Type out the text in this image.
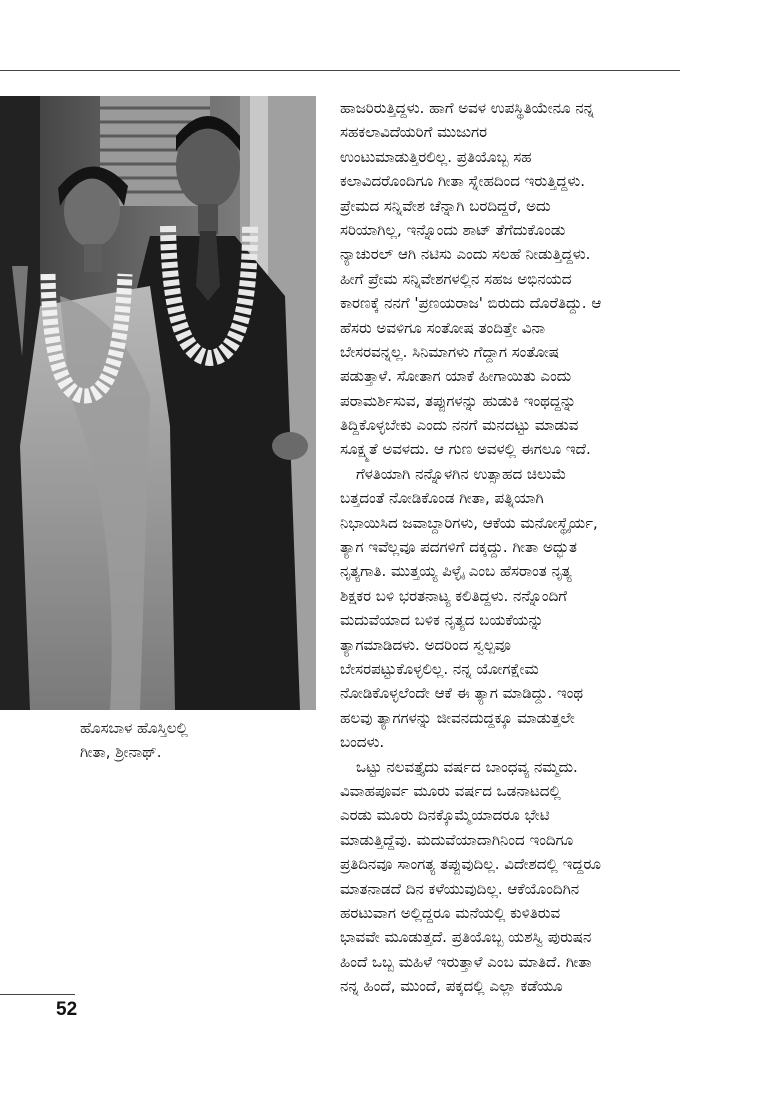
ಹೊಸಬಾಳ ಹೊಸ್ತಿಲಲ್ಲಿ
ಗೀತಾ, ಶ್ರೀನಾಥ್.
ಹಾಜರಿರುತ್ತಿದ್ದಳು. ಹಾಗೆ ಅವಳ ಉಪಸ್ಥಿತಿಯೇನೂ ನನ್ನ
ಸಹಕಲಾವಿದೆಯರಿಗೆ ಮುಜುಗರ
ಉಂಟುಮಾಡುತ್ತಿರಲಿಲ್ಲ. ಪ್ರತಿಯೊಬ್ಬ ಸಹ
ಕಲಾವಿದರೊಂದಿಗೂ ಗೀತಾ ಸ್ನೇಹದಿಂದ ಇರುತ್ತಿದ್ದಳು.
ಪ್ರೇಮದ ಸನ್ನಿವೇಶ ಚೆನ್ನಾಗಿ ಬರದಿದ್ದರೆ, ಅದು
ಸರಿಯಾಗಿಲ್ಲ, ಇನ್ನೊಂದು ಶಾಟ್ ತೆಗೆದುಕೊಂಡು
ನ್ಯಾಚುರಲ್ ಆಗಿ ನಟಿಸು ಎಂದು ಸಲಹೆ ನೀಡುತ್ತಿದ್ದಳು.
ಹೀಗೆ ಪ್ರೇಮ ಸನ್ನಿವೇಶಗಳಲ್ಲಿನ ಸಹಜ ಅಭಿನಯದ
ಕಾರಣಕ್ಕೆ ನನಗೆ 'ಪ್ರಣಯರಾಜ' ಬಿರುದು ದೊರೆತಿದ್ದು. ಆ
ಹೆಸರು ಅವಳಿಗೂ ಸಂತೋಷ ತಂದಿತ್ತೇ ವಿನಾ
ಬೇಸರವನ್ನಲ್ಲ. ಸಿನಿಮಾಗಳು ಗೆದ್ದಾಗ ಸಂತೋಷ
ಪಡುತ್ತಾಳೆ. ಸೋತಾಗ ಯಾಕೆ ಹೀಗಾಯಿತು ಎಂದು
ಪರಾಮರ್ಶಿಸುವ, ತಪ್ಪುಗಳನ್ನು ಹುಡುಕಿ ಇಂಥದ್ದನ್ನು
ತಿದ್ದಿಕೊಳ್ಳಬೇಕು ಎಂದು ನನಗೆ ಮನದಟ್ಟು ಮಾಡುವ
ಸೂಕ್ಷ್ಮತೆ ಅವಳದು. ಆ ಗುಣ ಅವಳಲ್ಲಿ ಈಗಲೂ ಇದೆ.
ಗೆಳತಿಯಾಗಿ ನನ್ನೊಳಗಿನ ಉತ್ಸಾಹದ ಚಿಲುಮೆ
ಬತ್ತದಂತೆ ನೋಡಿಕೊಂಡ ಗೀತಾ, ಪತ್ನಿಯಾಗಿ
ನಿಭಾಯಿಸಿದ ಜವಾಬ್ದಾರಿಗಳು, ಆಕೆಯ ಮನೋಸ್ಥೈರ್ಯ,
ತ್ಯಾಗ ಇವೆಲ್ಲವೂ ಪದಗಳಿಗೆ ದಕ್ಕದ್ದು. ಗೀತಾ ಅದ್ಭುತ
ನೃತ್ಯಗಾತಿ. ಮುತ್ತಯ್ಯ ಪಿಳ್ಳೈ ಎಂಬ ಹೆಸರಾಂತ ನೃತ್ಯ
ಶಿಕ್ಷಕರ ಬಳಿ ಭರತನಾಟ್ಯ ಕಲಿತಿದ್ದಳು. ನನ್ನೊಂದಿಗೆ
ಮದುವೆಯಾದ ಬಳಿಕ ನೃತ್ಯದ ಬಯಕೆಯನ್ನು
ತ್ಯಾಗಮಾಡಿದಳು. ಅದರಿಂದ ಸ್ವಲ್ಪವೂ
ಬೇಸರಪಟ್ಟುಕೊಳ್ಳಲಿಲ್ಲ. ನನ್ನ ಯೋಗಕ್ಷೇಮ
ನೋಡಿಕೊಳ್ಳಲೆಂದೇ ಆಕೆ ಈ ತ್ಯಾಗ ಮಾಡಿದ್ದು. ಇಂಥ
ಹಲವು ತ್ಯಾಗಗಳನ್ನು ಜೀವನದುದ್ದಕ್ಕೂ ಮಾಡುತ್ತಲೇ
ಬಂದಳು.
ಒಟ್ಟು ನಲವತ್ತೈದು ವರ್ಷದ ಬಾಂಧವ್ಯ ನಮ್ಮದು.
ವಿವಾಹಪೂರ್ವ ಮೂರು ವರ್ಷದ ಒಡನಾಟದಲ್ಲಿ
ಎರಡು ಮೂರು ದಿನಕ್ಕೊಮ್ಮೆಯಾದರೂ ಭೇಟಿ
ಮಾಡುತ್ತಿದ್ದೆವು. ಮದುವೆಯಾದಾಗಿನಿಂದ ಇಂದಿಗೂ
ಪ್ರತಿದಿನವೂ ಸಾಂಗತ್ಯ ತಪ್ಪುವುದಿಲ್ಲ. ವಿದೇಶದಲ್ಲಿ ಇದ್ದರೂ
ಮಾತನಾಡದೆ ದಿನ ಕಳೆಯುವುದಿಲ್ಲ. ಆಕೆಯೊಂದಿಗಿನ
ಹರಟುವಾಗ ಅಲ್ಲಿದ್ದರೂ ಮನೆಯಲ್ಲಿ ಕುಳಿತಿರುವ
ಭಾವವೇ ಮೂಡುತ್ತದೆ. ಪ್ರತಿಯೊಬ್ಬ ಯಶಸ್ವಿ ಪುರುಷನ
ಹಿಂದೆ ಒಬ್ಬ ಮಹಿಳೆ ಇರುತ್ತಾಳೆ ಎಂಬ ಮಾತಿದೆ. ಗೀತಾ
ನನ್ನ ಹಿಂದೆ, ಮುಂದೆ, ಪಕ್ಕದಲ್ಲಿ ಎಲ್ಲಾ ಕಡೆಯೂ
52
